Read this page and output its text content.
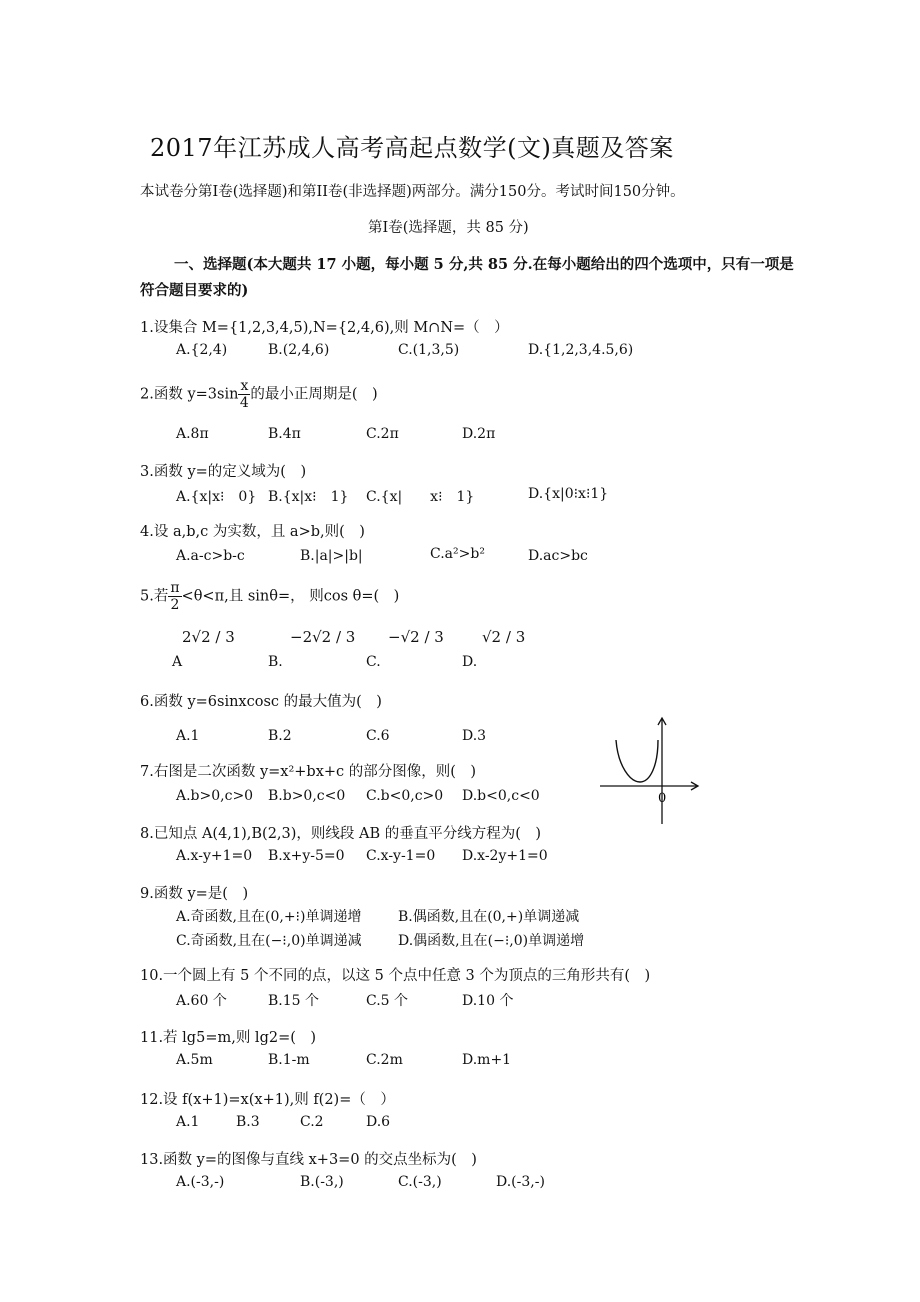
2017年江苏成人高考高起点数学(文)真题及答案
本试卷分第I卷(选择题)和第II卷(非选择题)两部分。满分150分。考试时间150分钟。
第Ⅰ卷(选择题，共 85 分)
一、选择题(本大题共 17 小题，每小题 5 分,共 85 分.在每小题给出的四个选项中，只有一项是符合题目要求的)
1.设集合 M={1,2,3,4,5),N={2,4,6),则 M∩N=（　）
A.{2,4)	B.(2,4,6)	C.(1,3,5)	D.{1,2,3,4.5,6)
2.函数 $y=3\sin \frac{x}{4}$ 的最小正周期是(　)
A.8π	B.4π	C.2π	D.2π
3.函数 y=的定义域为(　)
A.{x|x⁝　0} B.{x|x⁝　1} C.{x|　　x⁝　1}	D.{x|0⁝x⁝1}
4.设 a,b,c 为实数，且 a>b,则(　)
A.a-c>b-c	B.|a|>|b|	C.a²>b²	D.ac>bc
5.若 $\frac{\pi}{2} <\theta<\pi$,且 sinθ=， 则cos θ=(　)
A
2√2 / 3
B.
−2√2 / 3
C.
−√2 / 3
D.
√2 / 3
6.函数 y=6sinxcosc 的最大值为(　)
A.1	B.2	C.6	D.3
7.右图是二次函数 y=x²+bx+c 的部分图像，则(　)
A.b>0,c>0 B.b>0,c<0 C.b<0,c>0 D.b<0,c<0	0
8.已知点 A(4,1),B(2,3)，则线段 AB 的垂直平分线方程为(　)
A.x-y+1=0 B.x+y-5=0 C.x-y-1=0 D.x-2y+1=0
9.函数 y=是(　)
A.奇函数,且在(0,+⁝)单调递增	B.偶函数,且在(0,+)单调递减
C.奇函数,且在(−⁝,0)单调递减	D.偶函数,且在(−⁝,0)单调递增
10.一个圆上有 5 个不同的点，以这 5 个点中任意 3 个为顶点的三角形共有(　)
A.60 个	B.15 个	C.5 个	D.10 个
11.若 lg5=m,则 lg2=(　)
A.5m	B.1-m	C.2m	D.m+1
12.设 f(x+1)=x(x+1),则 f(2)=（　）
A.1	B.3	C.2	D.6
13.函数 y=的图像与直线 x+3=0 的交点坐标为(　)
A.(-3,-)	B.(-3,)	C.(-3,)	D.(-3,-)
